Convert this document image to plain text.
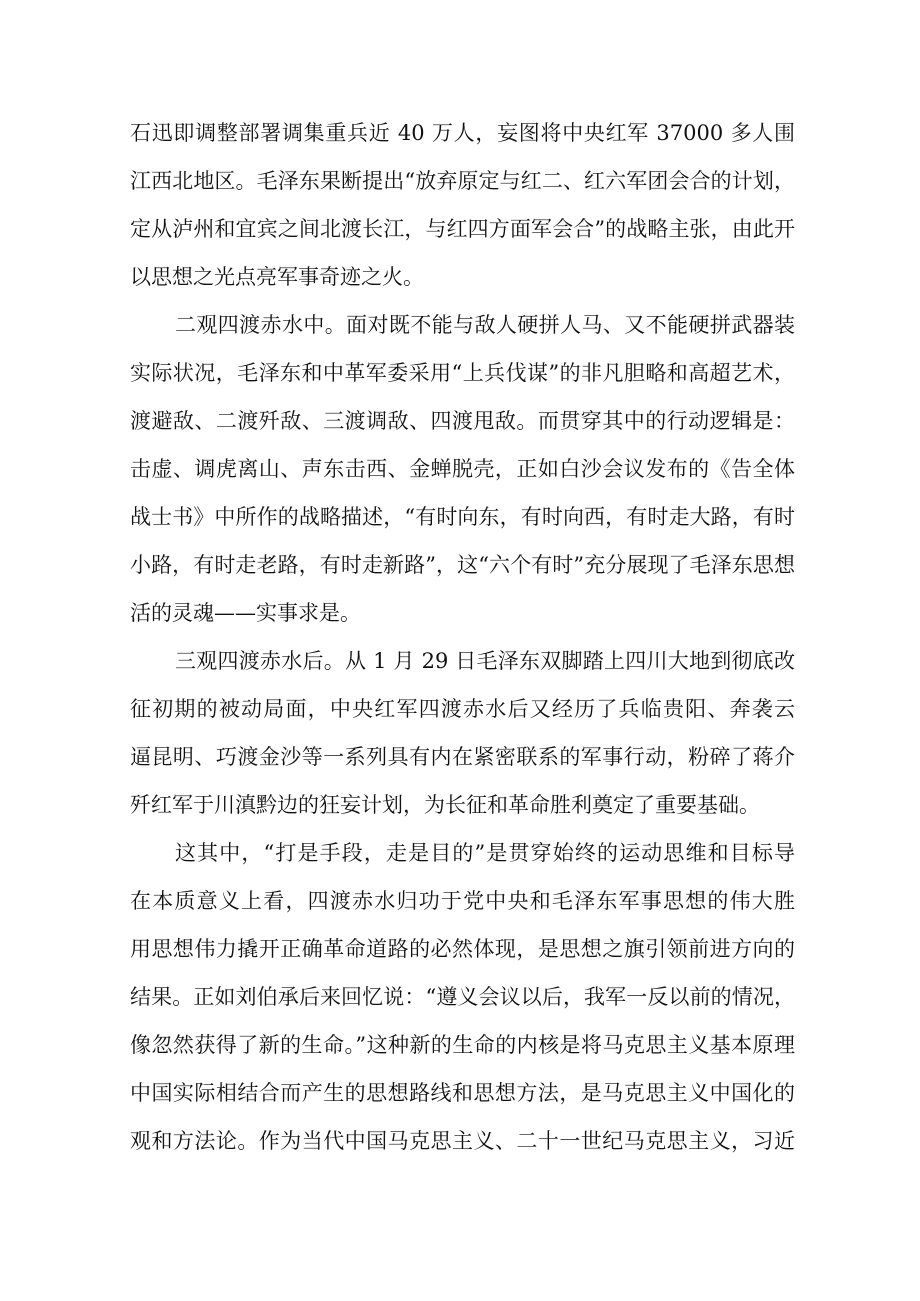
石迅即调整部署调集重兵近 40 万人，妄图将中央红军 37000 多人围
江西北地区。毛泽东果断提出“放弃原定与红二、红六军团会合的计划，
定从泸州和宜宾之间北渡长江，与红四方面军会合”的战略主张，由此开
以思想之光点亮军事奇迹之火。
二观四渡赤水中。面对既不能与敌人硬拼人马、又不能硬拼武器装
实际状况，毛泽东和中革军委采用“上兵伐谋”的非凡胆略和高超艺术，
渡避敌、二渡歼敌、三渡调敌、四渡甩敌。而贯穿其中的行动逻辑是：
击虚、调虎离山、声东击西、金蝉脱壳，正如白沙会议发布的《告全体
战士书》中所作的战略描述，“有时向东，有时向西，有时走大路，有时
小路，有时走老路，有时走新路”，这“六个有时”充分展现了毛泽东思想
活的灵魂——实事求是。
三观四渡赤水后。从 1 月 29 日毛泽东双脚踏上四川大地到彻底改
征初期的被动局面，中央红军四渡赤水后又经历了兵临贵阳、奔袭云
逼昆明、巧渡金沙等一系列具有内在紧密联系的军事行动，粉碎了蒋介
歼红军于川滇黔边的狂妄计划，为长征和革命胜利奠定了重要基础。
这其中，“打是手段，走是目的”是贯穿始终的运动思维和目标导
在本质意义上看，四渡赤水归功于党中央和毛泽东军事思想的伟大胜
用思想伟力撬开正确革命道路的必然体现，是思想之旗引领前进方向的
结果。正如刘伯承后来回忆说：“遵义会议以后，我军一反以前的情况，
像忽然获得了新的生命。”这种新的生命的内核是将马克思主义基本原理
中国实际相结合而产生的思想路线和思想方法，是马克思主义中国化的
观和方法论。作为当代中国马克思主义、二十一世纪马克思主义，习近
